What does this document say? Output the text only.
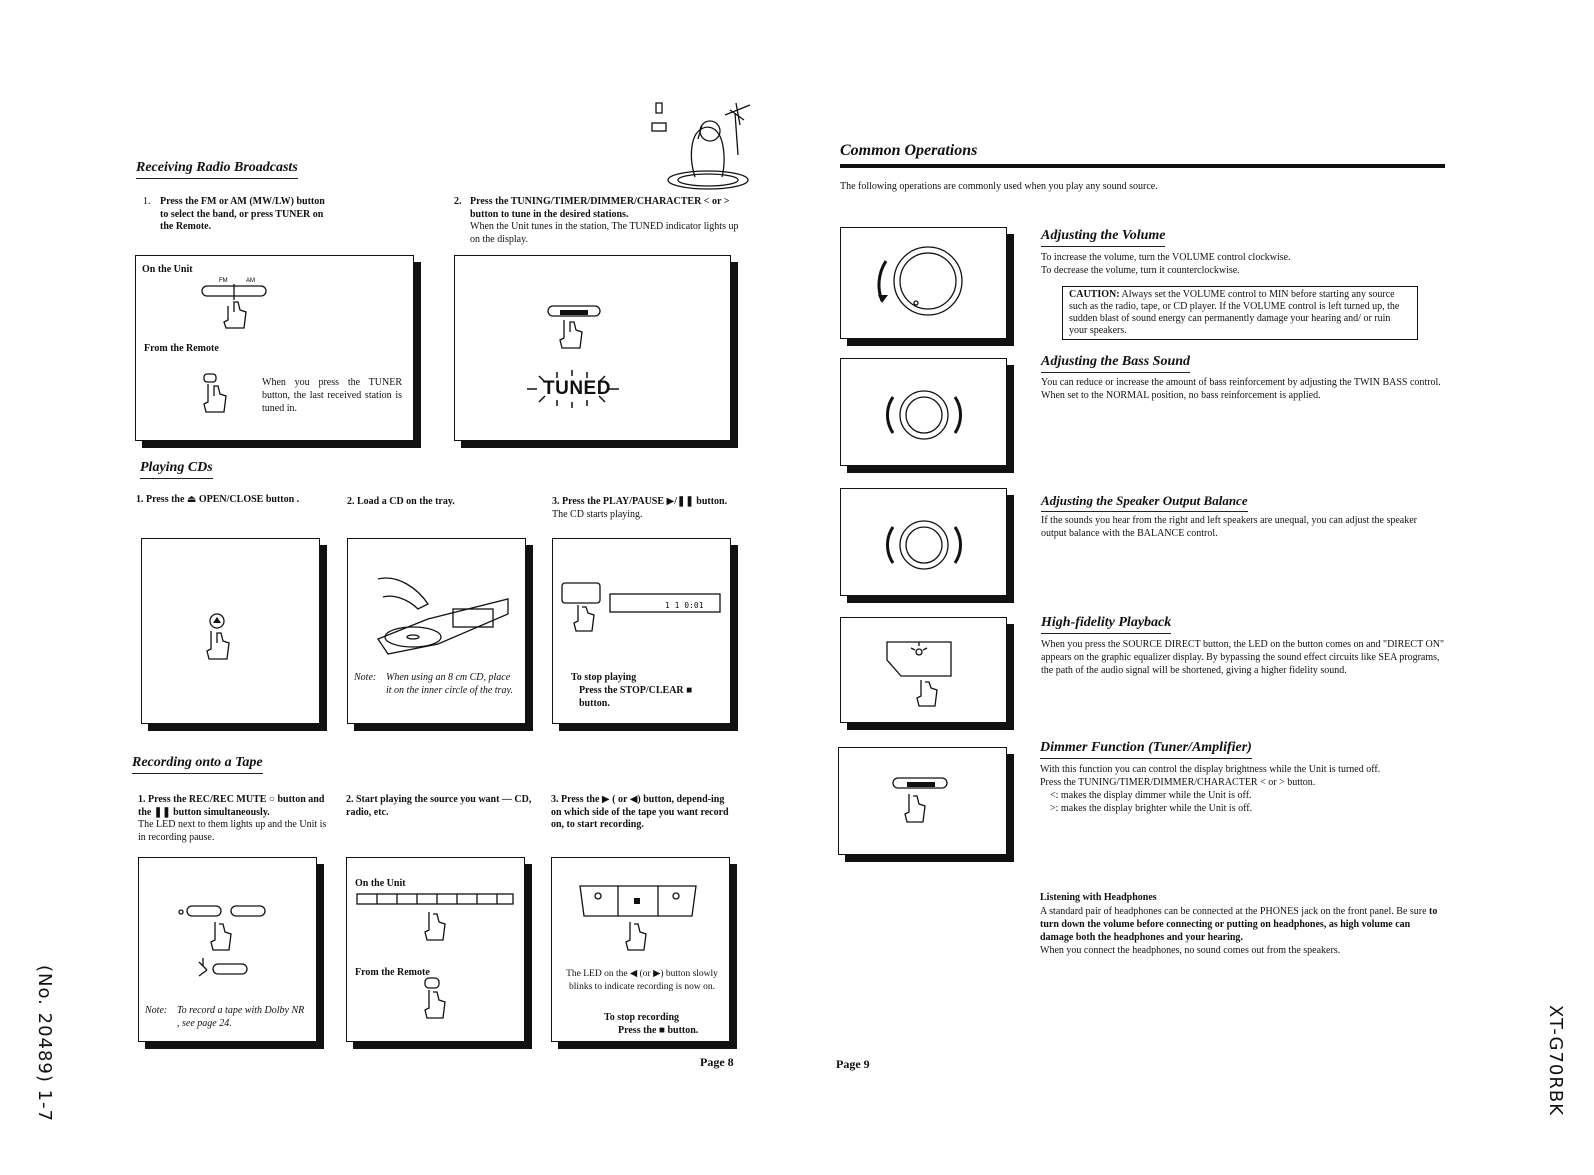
Receiving Radio Broadcasts
1. Press the FM or AM (MW/LW) button to select the band, or press TUNER on the Remote.
2. Press the TUNING/TIMER/DIMMER/CHARACTER < or > button to tune in the desired stations.
When the Unit tunes in the station, The TUNED indicator lights up on the display.
On the Unit
FM	AM
From the Remote
When you press the TUNER button, the last received station is tuned in.
TUNED
Playing CDs
1. Press the ⏏ OPEN/CLOSE button .	2. Load a CD on the tray.	3. Press the PLAY/PAUSE ▶/❚❚ button.
The CD starts playing.
Note: When using an 8 cm CD, place it on the inner circle of the tray.
1 1 0:01
To stop playing
Press the STOP/CLEAR ■ button.
Recording onto a Tape
1. Press the REC/REC MUTE ○ button and the ❚❚ button simultaneously.
The LED next to them lights up and the Unit is in recording pause.
2. Start playing the source you want — CD, radio, etc.
3. Press the ▶ ( or ◀) button, depend-ing on which side of the tape you want record on, to start recording.
Note: To record a tape with Dolby NR , see page 24.
On the Unit
From the Remote	The LED on the ◀ (or ▶) button slowly blinks to indicate recording is now on.
To stop recording
Press the ■ button.
Page 8
Common Operations
The following operations are commonly used when you play any sound source.
Adjusting the Volume
To increase the volume, turn the VOLUME control clockwise.
To decrease the volume, turn it counterclockwise.
CAUTION: Always set the VOLUME control to MIN before starting any source such as the radio, tape, or CD player. If the VOLUME control is left turned up, the sudden blast of sound energy can permanently damage your hearing and/ or ruin your speakers.
Adjusting the Bass Sound
You can reduce or increase the amount of bass reinforcement by adjusting the TWIN BASS control. When set to the NORMAL position, no bass reinforcement is applied.
Adjusting the Speaker Output Balance
If the sounds you hear from the right and left speakers are unequal, you can adjust the speaker output balance with the BALANCE control.
High-fidelity Playback
When you press the SOURCE DIRECT button, the LED on the button comes on and "DIRECT ON" appears on the graphic equalizer display. By bypassing the sound effect circuits like SEA programs, the path of the audio signal will be shortened, giving a higher fidelity sound.
Dimmer Function (Tuner/Amplifier)
With this function you can control the display brightness while the Unit is turned off.
Press the TUNING/TIMER/DIMMER/CHARACTER < or > button.
<: makes the display dimmer while the Unit is off.
>: makes the display brighter while the Unit is off.
Listening with Headphones
A standard pair of headphones can be connected at the PHONES jack on the front panel. Be sure to turn down the volume before connecting or putting on headphones, as high volume can damage both the headphones and your hearing.
When you connect the headphones, no sound comes out from the speakers.
Page 9
(No. 20489) 1-7	XT-G70RBK
